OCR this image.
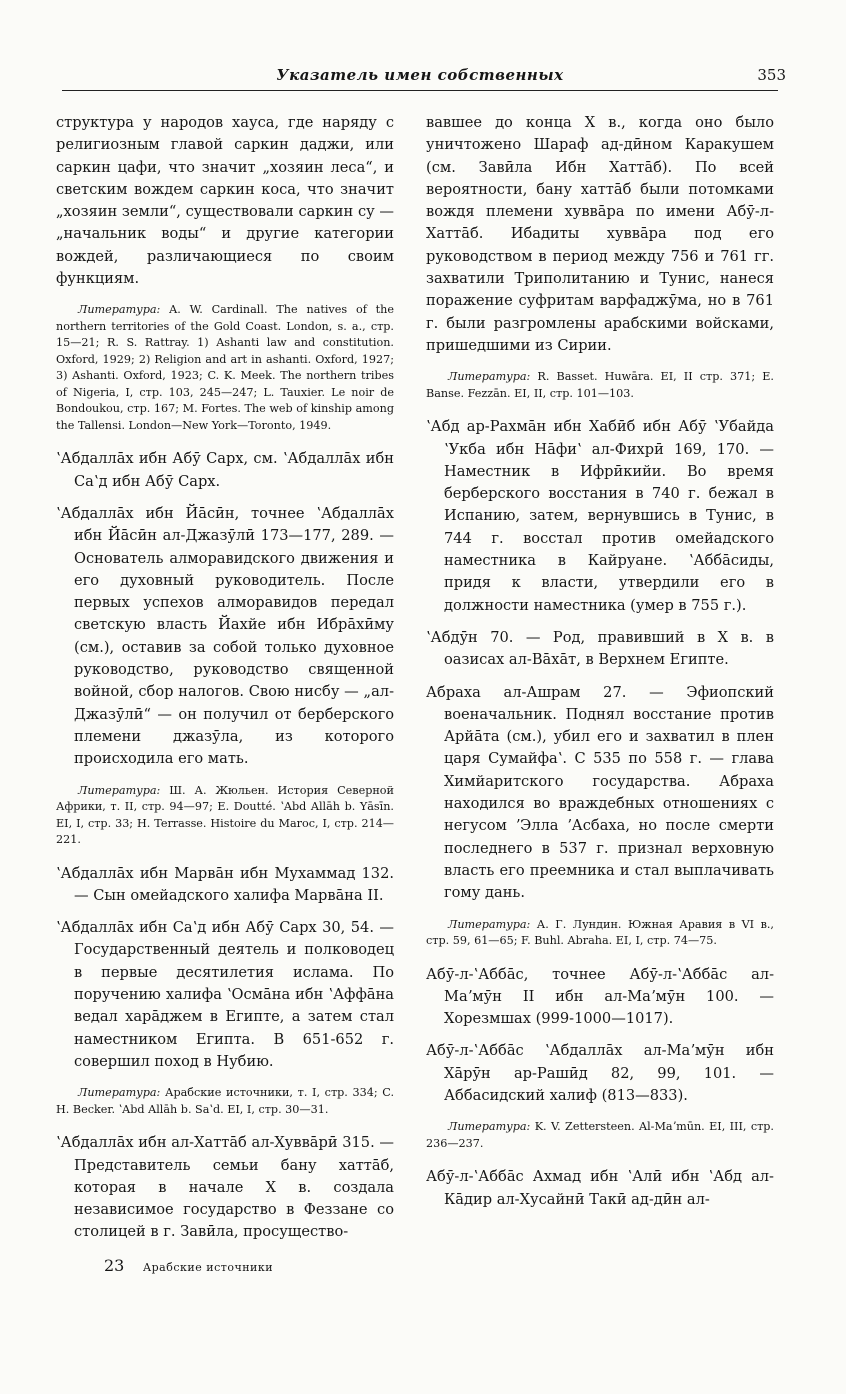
Указатель имен собственных	353

структура у народов хауса, где наряду с религиозным главой саркин даджи, или саркин цафи, что значит „хозяин леса“, и светским вождем саркин коса, что значит „хозяин земли“, существовали саркин су — „начальник воды“ и другие категории вождей, различающиеся по своим функциям.

Литература: A. W. Cardinall. The natives of the northern territories of the Gold Coast. London, s. a., стр. 15—21; R. S. Rattray. 1) Ashanti law and constitution. Oxford, 1929; 2) Religion and art in ashanti. Oxford, 1927; 3) Ashanti. Oxford, 1923; C. K. Meek. The northern tribes of Nigeria, I, стр. 103, 245—247; L. Tauxier. Le noir de Bondoukou, стр. 167; M. Fortes. The web of kinship among the Tallensi. London—New York—Toronto, 1949.

ʽАбдаллāх ибн Абӯ Сарх, см. ʽАбдаллāх ибн Саʽд ибн Абӯ Сарх.

ʽАбдаллāх ибн Йāсӣн, точнее ʽАбдаллāх ибн Йāсӣн ал-Джазӯлӣ 173—177, 289. — Основатель алморавидского движения и его духовный руководитель. После первых успехов алморавидов передал светскую власть Йахйе ибн Ибрāхӣму (см.), оставив за собой только духовное руководство, руководство священной войной, сбор налогов. Свою нисбу — „ал-Джазӯлӣ“ — он получил от берберского племени джазӯла, из которого происходила его мать.

Литература: Ш. А. Жюльен. История Северной Африки, т. II, стр. 94—97; E. Doutté. ʽAbd Allāh b. Yāsīn. EI, I, стр. 33; H. Terrasse. Histoire du Maroc, I, стр. 214—221.

ʽАбдаллāх ибн Марвāн ибн Мухаммад 132. — Сын омейадского халифа Марвāна II.

ʽАбдаллāх ибн Саʽд ибн Абӯ Сарх 30, 54. — Государственный деятель и полководец в первые десятилетия ислама. По поручению халифа ʽОсмāна ибн ʽАффāна ведал харāджем в Египте, а затем стал наместником Египта. В 651-652 г. совершил поход в Нубию.

Литература: Арабские источники, т. I, стр. 334; C. H. Becker. ʽAbd Allāh b. Saʽd. EI, I, стр. 30—31.

ʽАбдаллāх ибн ал-Хаттāб ал-Хуввāрӣ 315. — Представитель семьи бану хаттāб, которая в начале X в. создала независимое государство в Феззане со столицей в г. Завӣла, просущество-

вавшее до конца X в., когда оно было уничтожено Шараф ад-дӣном Каракушем (см. Завӣла Ибн Хаттāб). По всей вероятности, бану хаттāб были потомками вождя племени хуввāра по имени Абӯ-л-Хаттāб. Ибадиты хуввāра под его руководством в период между 756 и 761 гг. захватили Триполитанию и Тунис, нанеся поражение суфритам варфаджӯма, но в 761 г. были разгромлены арабскими войсками, пришедшими из Сирии.

Литература: R. Basset. Huwāra. EI, II стр. 371; E. Banse. Fezzān. EI, II, стр. 101—103.

ʽАбд ар-Рахмāн ибн Хабӣб ибн Абӯ ʽУбайда ʽУкба ибн Нāфиʽ ал-Фихрӣ 169, 170. — Наместник в Ифрӣкийи. Во время берберского восстания в 740 г. бежал в Испанию, затем, вернувшись в Тунис, в 744 г. восстал против омейадского наместника в Кайруане. ʽАббāсиды, придя к власти, утвердили его в должности наместника (умер в 755 г.).

ʽАбдӯн 70. — Род, правивший в X в. в оазисах ал-Вāхāт, в Верхнем Египте.

Абраха ал-Ашрам 27. — Эфиопский военачальник. Поднял восстание против Арйāта (см.), убил его и захватил в плен царя Сумайфаʽ. С 535 по 558 г. — глава Химйаритского государства. Абраха находился во враждебных отношениях с негусом ʼЭлла ʼАсбаха, но после смерти последнего в 537 г. признал верховную власть его преемника и стал выплачивать гому дань.

Литература: А. Г. Лундин. Южная Аравия в VI в., стр. 59, 61—65; F. Buhl. Abraha. EI, I, стр. 74—75.

Абӯ-л-ʽАббāс, точнее Абӯ-л-ʽАббāс ал-Маʼмӯн II ибн ал-Маʼмӯн 100. — Хорезмшах (999-1000—1017).

Абӯ-л-ʽАббāс ʽАбдаллāх ал-Маʼмӯн ибн Хāрӯн ар-Рашӣд 82, 99, 101. — Аббасидский халиф (813—833).

Литература: K. V. Zettersteen. Al-Maʼmūn. EI, III, стр. 236—237.

Абӯ-л-ʽАббāс Ахмад ибн ʽАлӣ ибн ʽАбд ал-Кāдир ал-Хусайнӣ Такӣ ад-дӣн ал-

23 Арабские источники
